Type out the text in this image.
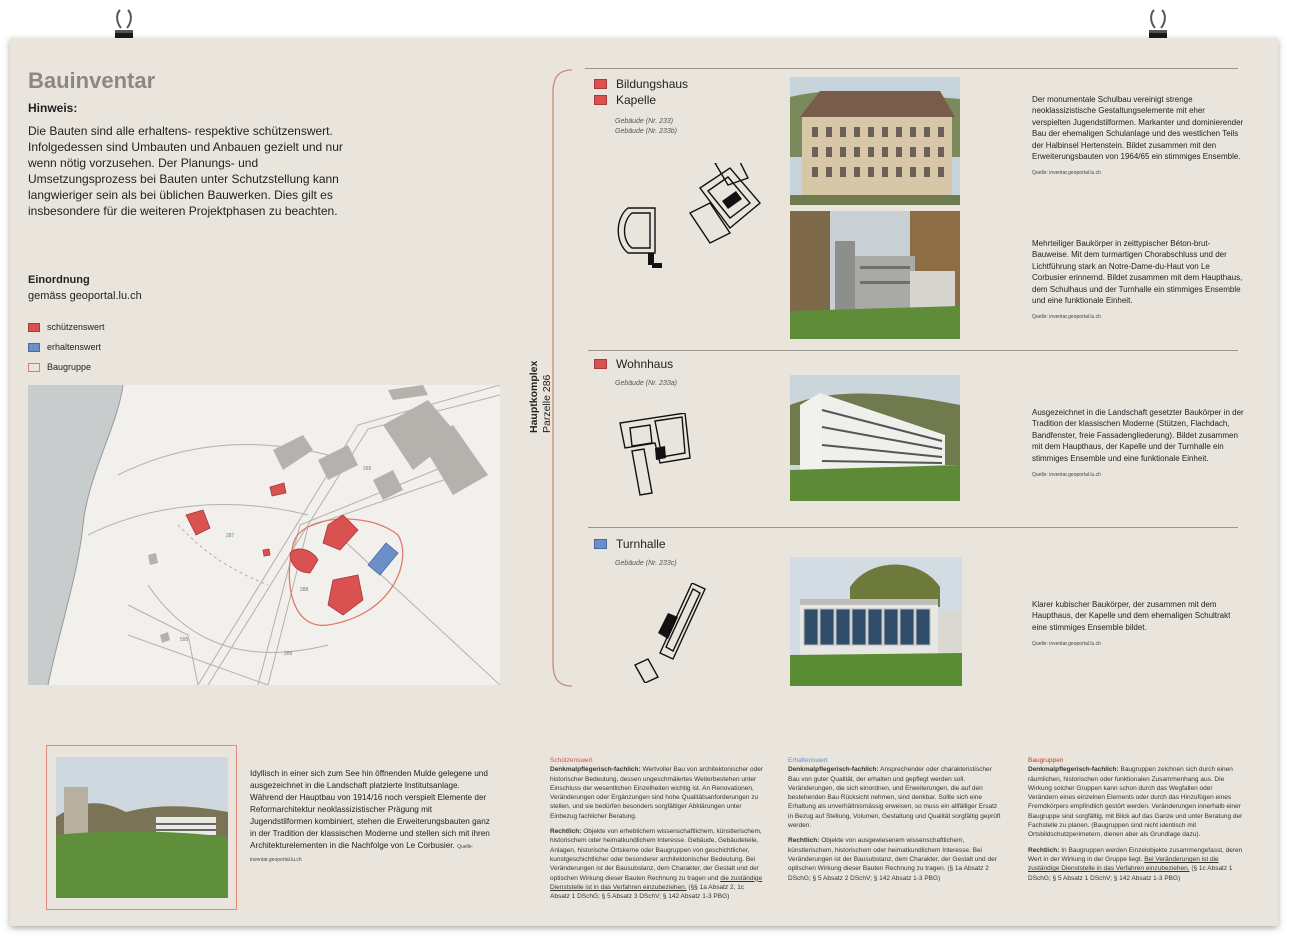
Bauinventar
Hinweis:
Die Bauten sind alle erhaltens- respektive schützenswert. Infolgedessen sind Umbauten und Anbauen gezielt und nur wenn nötig vorzusehen. Der Planungs- und Umsetzungsprozess bei Bauten unter Schutzstellung kann langwieriger sein als bei üblichen Bauwerken. Dies gilt es insbesondere für die weiteren Projektphasen zu beachten.
Einordnung
gemäss geoportal.lu.ch
schützenswert
erhaltenswert
Baugruppe
265
287
288
289
595
Idyllisch in einer sich zum See hin öffnenden Mulde gelegene und ausgezeichnet in die Landschaft platzierte Institutsanlage. Während der Hauptbau von 1914/16 noch verspielt Elemente der Reformarchitektur neoklassizistischer Prägung mit Jugendstilformen kombiniert, stehen die Erweiterungsbauten ganz in der Tradition der klassischen Moderne und stellen sich mit ihren Architekturelementen in die Nachfolge von Le Corbusier. Quelle: inventar.geoportal.lu.ch
Hauptkomplex Parzelle 286
Bildungshaus
Kapelle
Gebäude (Nr. 233)
Gebäude (Nr. 233b)
Der monumentale Schulbau vereinigt strenge neoklassizistische Gestaltungselemente mit eher verspielten Jugendstilformen. Markanter und dominierender Bau der ehemaligen Schulanlage und des westlichen Teils der Halbinsel Hertenstein. Bildet zusammen mit den Erweiterungsbauten von 1964/65 ein stimmiges Ensemble.
Quelle: inventar.geoportal.lu.ch
Mehrteiliger Baukörper in zeittypischer Béton-brut-Bauweise. Mit dem turmartigen Chorabschluss und der Lichtführung stark an Notre-Dame-du-Haut von Le Corbusier erinnernd. Bildet zusammen mit dem Haupthaus, dem Schulhaus und der Turnhalle ein stimmiges Ensemble und eine funktionale Einheit.
Quelle: inventar.geoportal.lu.ch
Wohnhaus
Gebäude (Nr. 233a)
Ausgezeichnet in die Landschaft gesetzter Baukörper in der Tradition der klassischen Moderne (Stützen, Flachdach, Bandfenster, freie Fassadengliederung). Bildet zusammen mit dem Haupthaus, der Kapelle und der Turnhalle ein stimmiges Ensemble und eine funktionale Einheit.
Quelle: inventar.geoportal.lu.ch
Turnhalle
Gebäude (Nr. 233c)
Klarer kubischer Baukörper, der zusammen mit dem Haupthaus, der Kapelle und dem ehemaligen Schultrakt eine stimmiges Ensemble bildet.
Quelle: inventar.geoportal.lu.ch
Schützenswert

Denkmalpflegerisch-fachlich: Wertvoller Bau von architektonischer oder historischer Bedeutung, dessen ungeschmälertes Weiterbestehen unter Einschluss der wesentlichen Einzelheiten wichtig ist. An Renovationen, Veränderungen oder Ergänzungen sind hohe Qualitätsanforderungen zu stellen, und sie bedürfen besonders sorgfältiger Abklärungen unter Einbezug fachlicher Beratung.

Rechtlich: Objekte von erheblichem wissenschaftlichem, künstlerischem, historischem oder heimatkundlichem Interesse. Gebäude, Gebäudeteile, Anlagen, historische Ortskerne oder Baugruppen von geschichtlicher, kunstgeschichtlicher oder besonderer architektonischer Bedeutung. Bei Veränderungen ist der Bausubstanz, dem Charakter, der Gestalt und der optischen Wirkung dieser Bauten Rechnung zu tragen und die zuständige Dienststelle ist in das Verfahren einzubeziehen. (§§ 1a Absatz 2, 1c Absatz 1 DSchG; § 5 Absatz 3 DSchV; § 142 Absatz 1-3 PBG)

Erhaltenswert

Denkmalpflegerisch-fachlich: Ansprechender oder charakteristischer Bau von guter Qualität, der erhalten und gepflegt werden soll. Veränderungen, die sich einordnen, und Erweiterungen, die auf den bestehenden Bau Rücksicht nehmen, sind denkbar. Sollte sich eine Erhaltung als unverhältnismässig erweisen, so muss ein allfälliger Ersatz in Bezug auf Stellung, Volumen, Gestaltung und Qualität sorgfältig geprüft werden.

Rechtlich: Objekte von ausgewiesenem wissenschaftlichem, künstlerischem, historischem oder heimatkundlichem Interesse. Bei Veränderungen ist der Bausubstanz, dem Charakter, der Gestalt und der optischen Wirkung dieser Bauten Rechnung zu tragen. (§ 1a Absatz 2 DSchG; § 5 Absatz 2 DSchV; § 142 Absatz 1-3 PBG)

Baugruppen

Denkmalpflegerisch-fachlich: Baugruppen zeichnen sich durch einen räumlichen, historischen oder funktionalen Zusammenhang aus. Die Wirkung solcher Gruppen kann schon durch das Wegfallen oder Verändern eines einzelnen Elements oder durch das Hinzufügen eines Fremdkörpers empfindlich gestört werden. Veränderungen innerhalb einer Baugruppe sind sorgfältig, mit Blick auf das Ganze und unter Beratung der Fachstelle zu planen. (Baugruppen sind nicht identisch mit Ortsbildschutzperimetern, dienen aber als Grundlage dazu).

Rechtlich: In Baugruppen werden Einzelobjekte zusammengefasst, deren Wert in der Wirkung in der Gruppe liegt. Bei Veränderungen ist die zuständige Dienststelle in das Verfahren einzubeziehen. (§ 1c Absatz 1 DSchG; § 5 Absatz 1 DSchV; § 142 Absatz 1-3 PBG)
